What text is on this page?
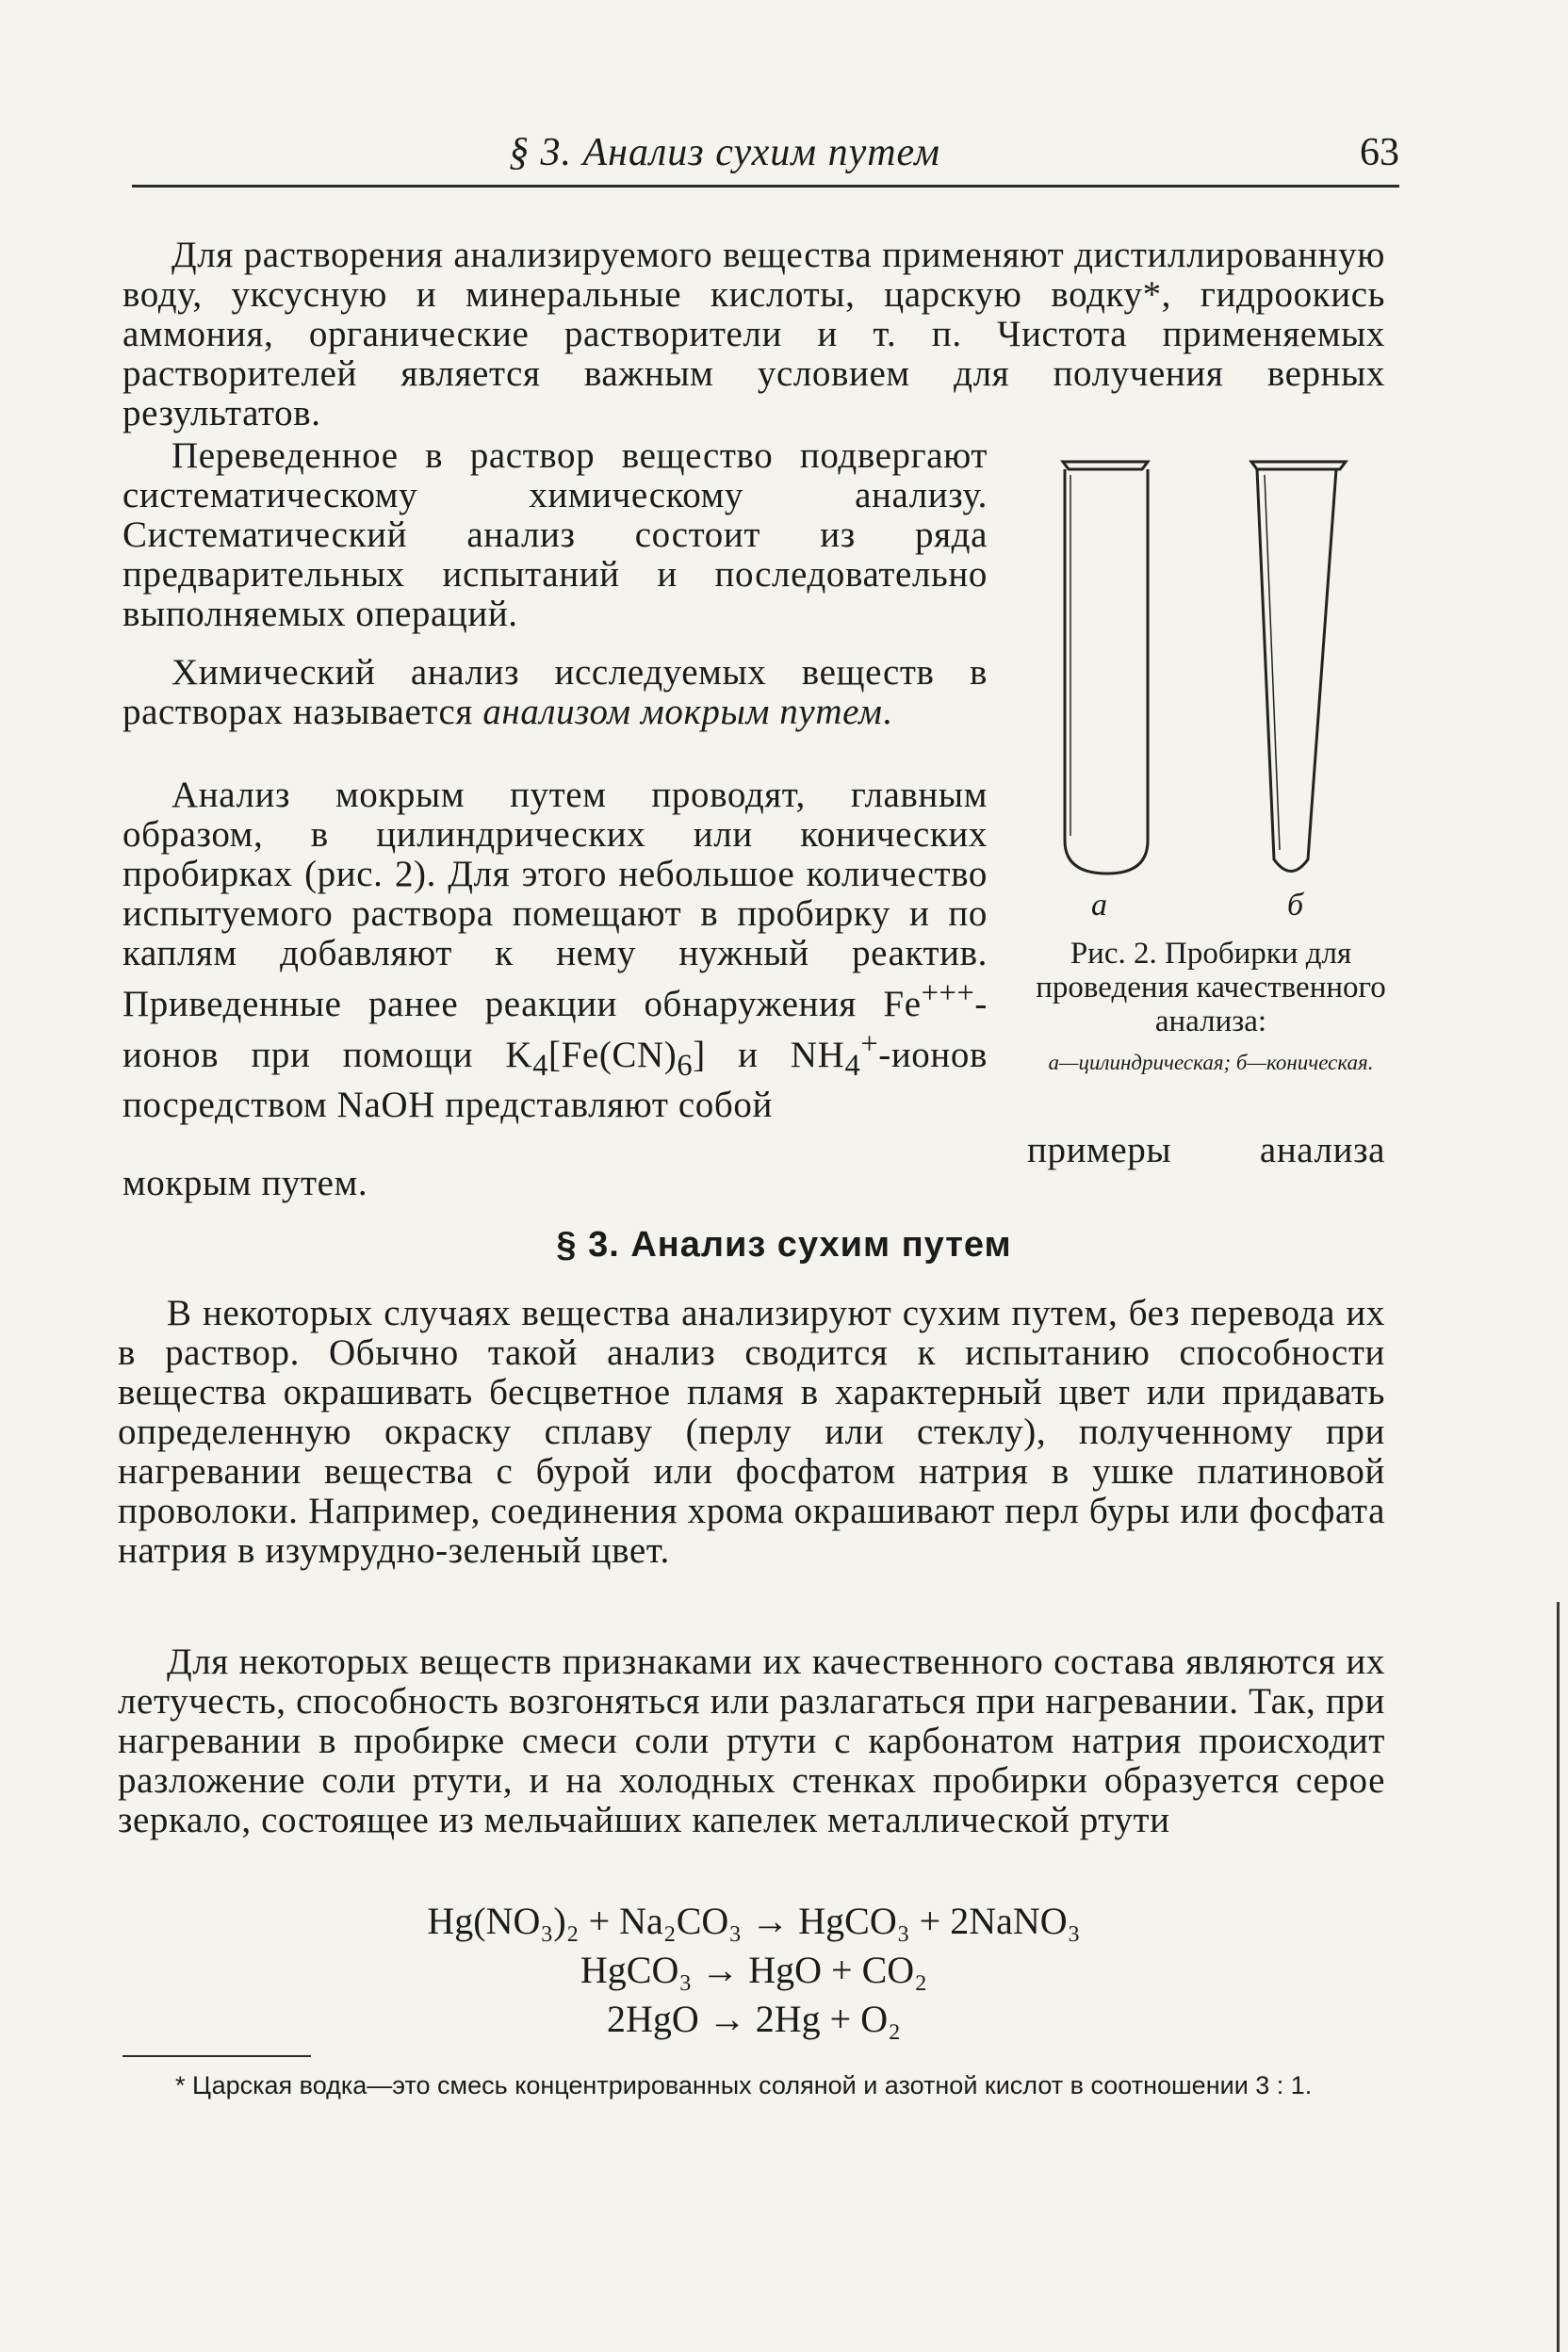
§ 3. Анализ сухим путем	63

Для растворения анализируемого вещества применяют дистиллированную воду, уксусную и минеральные кислоты, царскую водку*, гидроокись аммония, органические растворители и т. п. Чистота применяемых растворителей является важным условием для получения верных результатов.

Переведенное в раствор вещество подвергают систематическому химическому анализу. Систематический анализ состоит из ряда предварительных испытаний и последовательно выполняемых операций.

Химический анализ исследуемых веществ в растворах называется анализом мокрым путем.

Анализ мокрым путем проводят, главным образом, в цилиндрических или конических пробирках (рис. 2). Для этого небольшое количество испытуемого раствора помещают в пробирку и по каплям добавляют к нему нужный реактив. Приведенные ранее реакции обнаружения Fe+++-ионов при помощи $K_4[Fe(CN)_6]$ и $NH_4^+$-ионов посредством NaOH представляют собой

мокрым путем.

а	б
Рис. 2. Пробирки для проведения качественного анализа:
а—цилиндрическая; б—коническая.
примеры анализа
§ 3. Анализ сухим путем

В некоторых случаях вещества анализируют сухим путем, без перевода их в раствор. Обычно такой анализ сводится к испытанию способности вещества окрашивать бесцветное пламя в характерный цвет или придавать определенную окраску сплаву (перлу или стеклу), полученному при нагревании вещества с бурой или фосфатом натрия в ушке платиновой проволоки. Например, соединения хрома окрашивают перл буры или фосфата натрия в изумрудно-зеленый цвет.

Для некоторых веществ признаками их качественного состава являются их летучесть, способность возгоняться или разлагаться при нагревании. Так, при нагревании в пробирке смеси соли ртути с карбонатом натрия происходит разложение соли ртути, и на холодных стенках пробирки образуется серое зеркало, состоящее из мельчайших капелек металлической ртути

Hg(NO₃)₂ + Na₂CO₃ → HgCO₃ + 2NaNO₃
HgCO₃ → HgO + CO₂
2HgO → 2Hg + O₂

* Царская водка—это смесь концентрированных соляной и азотной кислот в соотношении 3 : 1.
